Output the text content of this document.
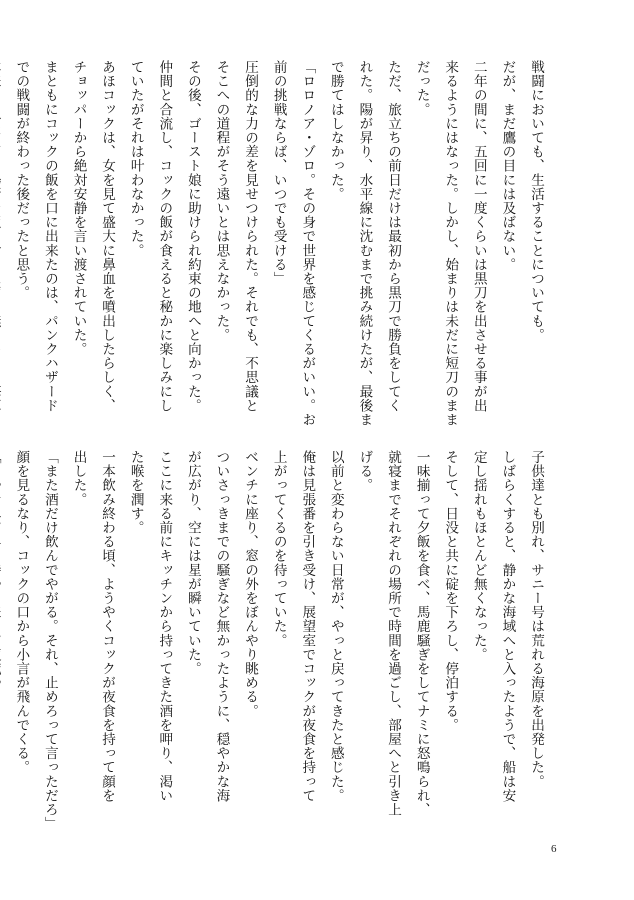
戦闘においても、生活することについても。
だが、まだ鷹の目には及ばない。
二年の間に、五回に一度くらいは黒刀を出させる事が出
来るようにはなった。しかし、始まりは未だに短刀のまま
だった。
ただ、旅立ちの前日だけは最初から黒刀で勝負をしてく
れた。陽が昇り、水平線に沈むまで挑み続けたが、最後ま
で勝てはしなかった。
「ロロノア・ゾロ。その身で世界を感じてくるがいい。お
前の挑戦ならば、いつでも受ける」
圧倒的な力の差を見せつけられた。それでも、不思議と
そこへの道程がそう遠いとは思えなかった。
その後、ゴースト娘に助けられ約束の地へと向かった。
仲間と合流し、コックの飯が食えると秘かに楽しみにし
ていたがそれは叶わなかった。
あほコックは、女を見て盛大に鼻血を噴出したらしく、
チョッパーから絶対安静を言い渡されていた。
まともにコックの飯を口に出来たのは、パンクハザード
での戦闘が終わった後だったと思う。
子供達とも別れ、サニー号は荒れる海原を出発した。
しばらくすると、静かな海域へと入ったようで、船は安
定し揺れもほとんど無くなった。
そして、日没と共に碇を下ろし、停泊する。
一味揃って夕飯を食べ、馬鹿騒ぎをしてナミに怒鳴られ、
就寝までそれぞれの場所で時間を過ごし、部屋へと引き上
げる。
以前と変わらない日常が、やっと戻ってきたと感じた。
俺は見張番を引き受け、展望室でコックが夜食を持って
上がってくるのを待っていた。
ベンチに座り、窓の外をぼんやり眺める。
ついさっきまでの騒ぎなど無かったように、穏やかな海
が広がり、空には星が瞬いていた。
ここに来る前にキッチンから持ってきた酒を呷り、渇い
た喉を潤す。
一本飲み終わる頃、ようやくコックが夜食を持って顔を
出した。
「また酒だけ飲んでやがる。それ、止めろって言っただろ」
顔を見るなり、コックの口から小言が飛んでくる。
6
